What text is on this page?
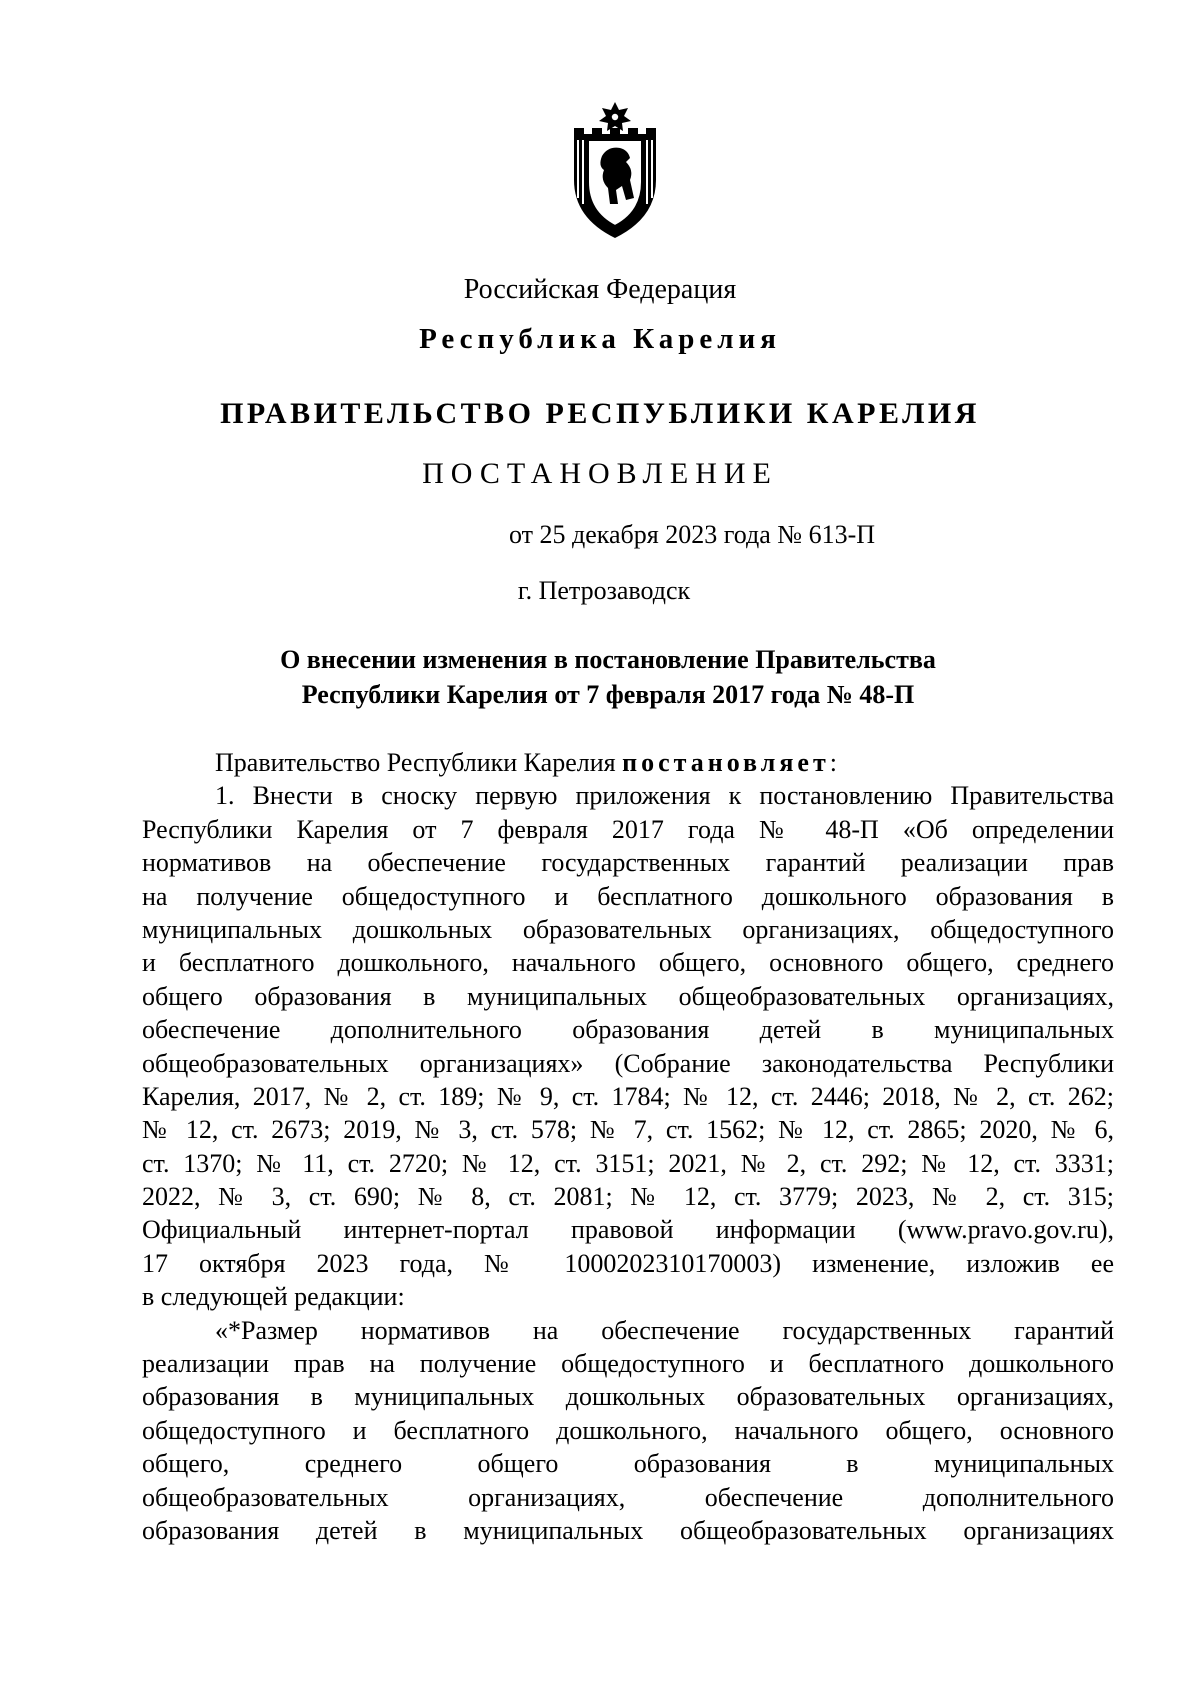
Российская Федерация
Республика Карелия
ПРАВИТЕЛЬСТВО РЕСПУБЛИКИ КАРЕЛИЯ
ПОСТАНОВЛЕНИЕ
от 25 декабря 2023 года № 613-П
г. Петрозаводск
О внесении изменения в постановление Правительства
Республики Карелия от 7 февраля 2017 года № 48-П
Правительство Республики Карелия постановляет:
1. Внести в сноску первую приложения к постановлению Правительства
Республики Карелия от 7 февраля 2017 года № 48-П «Об определении
нормативов на обеспечение государственных гарантий реализации прав
на получение общедоступного и бесплатного дошкольного образования в
муниципальных дошкольных образовательных организациях, общедоступного
и бесплатного дошкольного, начального общего, основного общего, среднего
общего образования в муниципальных общеобразовательных организациях,
обеспечение дополнительного образования детей в муниципальных
общеобразовательных организациях» (Собрание законодательства Республики
Карелия, 2017, № 2, ст. 189; № 9, ст. 1784; № 12, ст. 2446; 2018, № 2, ст. 262;
№ 12, ст. 2673; 2019, № 3, ст. 578; № 7, ст. 1562; № 12, ст. 2865; 2020, № 6,
ст. 1370; № 11, ст. 2720; № 12, ст. 3151; 2021, № 2, ст. 292; № 12, ст. 3331;
2022, № 3, ст. 690; № 8, ст. 2081; № 12, ст. 3779; 2023, № 2, ст. 315;
Официальный интернет-портал правовой информации (www.pravo.gov.ru),
17 октября 2023 года, № 1000202310170003) изменение, изложив ее
в следующей редакции:
«*Размер нормативов на обеспечение государственных гарантий
реализации прав на получение общедоступного и бесплатного дошкольного
образования в муниципальных дошкольных образовательных организациях,
общедоступного и бесплатного дошкольного, начального общего, основного
общего, среднего общего образования в муниципальных
общеобразовательных организациях, обеспечение дополнительного
образования детей в муниципальных общеобразовательных организациях
